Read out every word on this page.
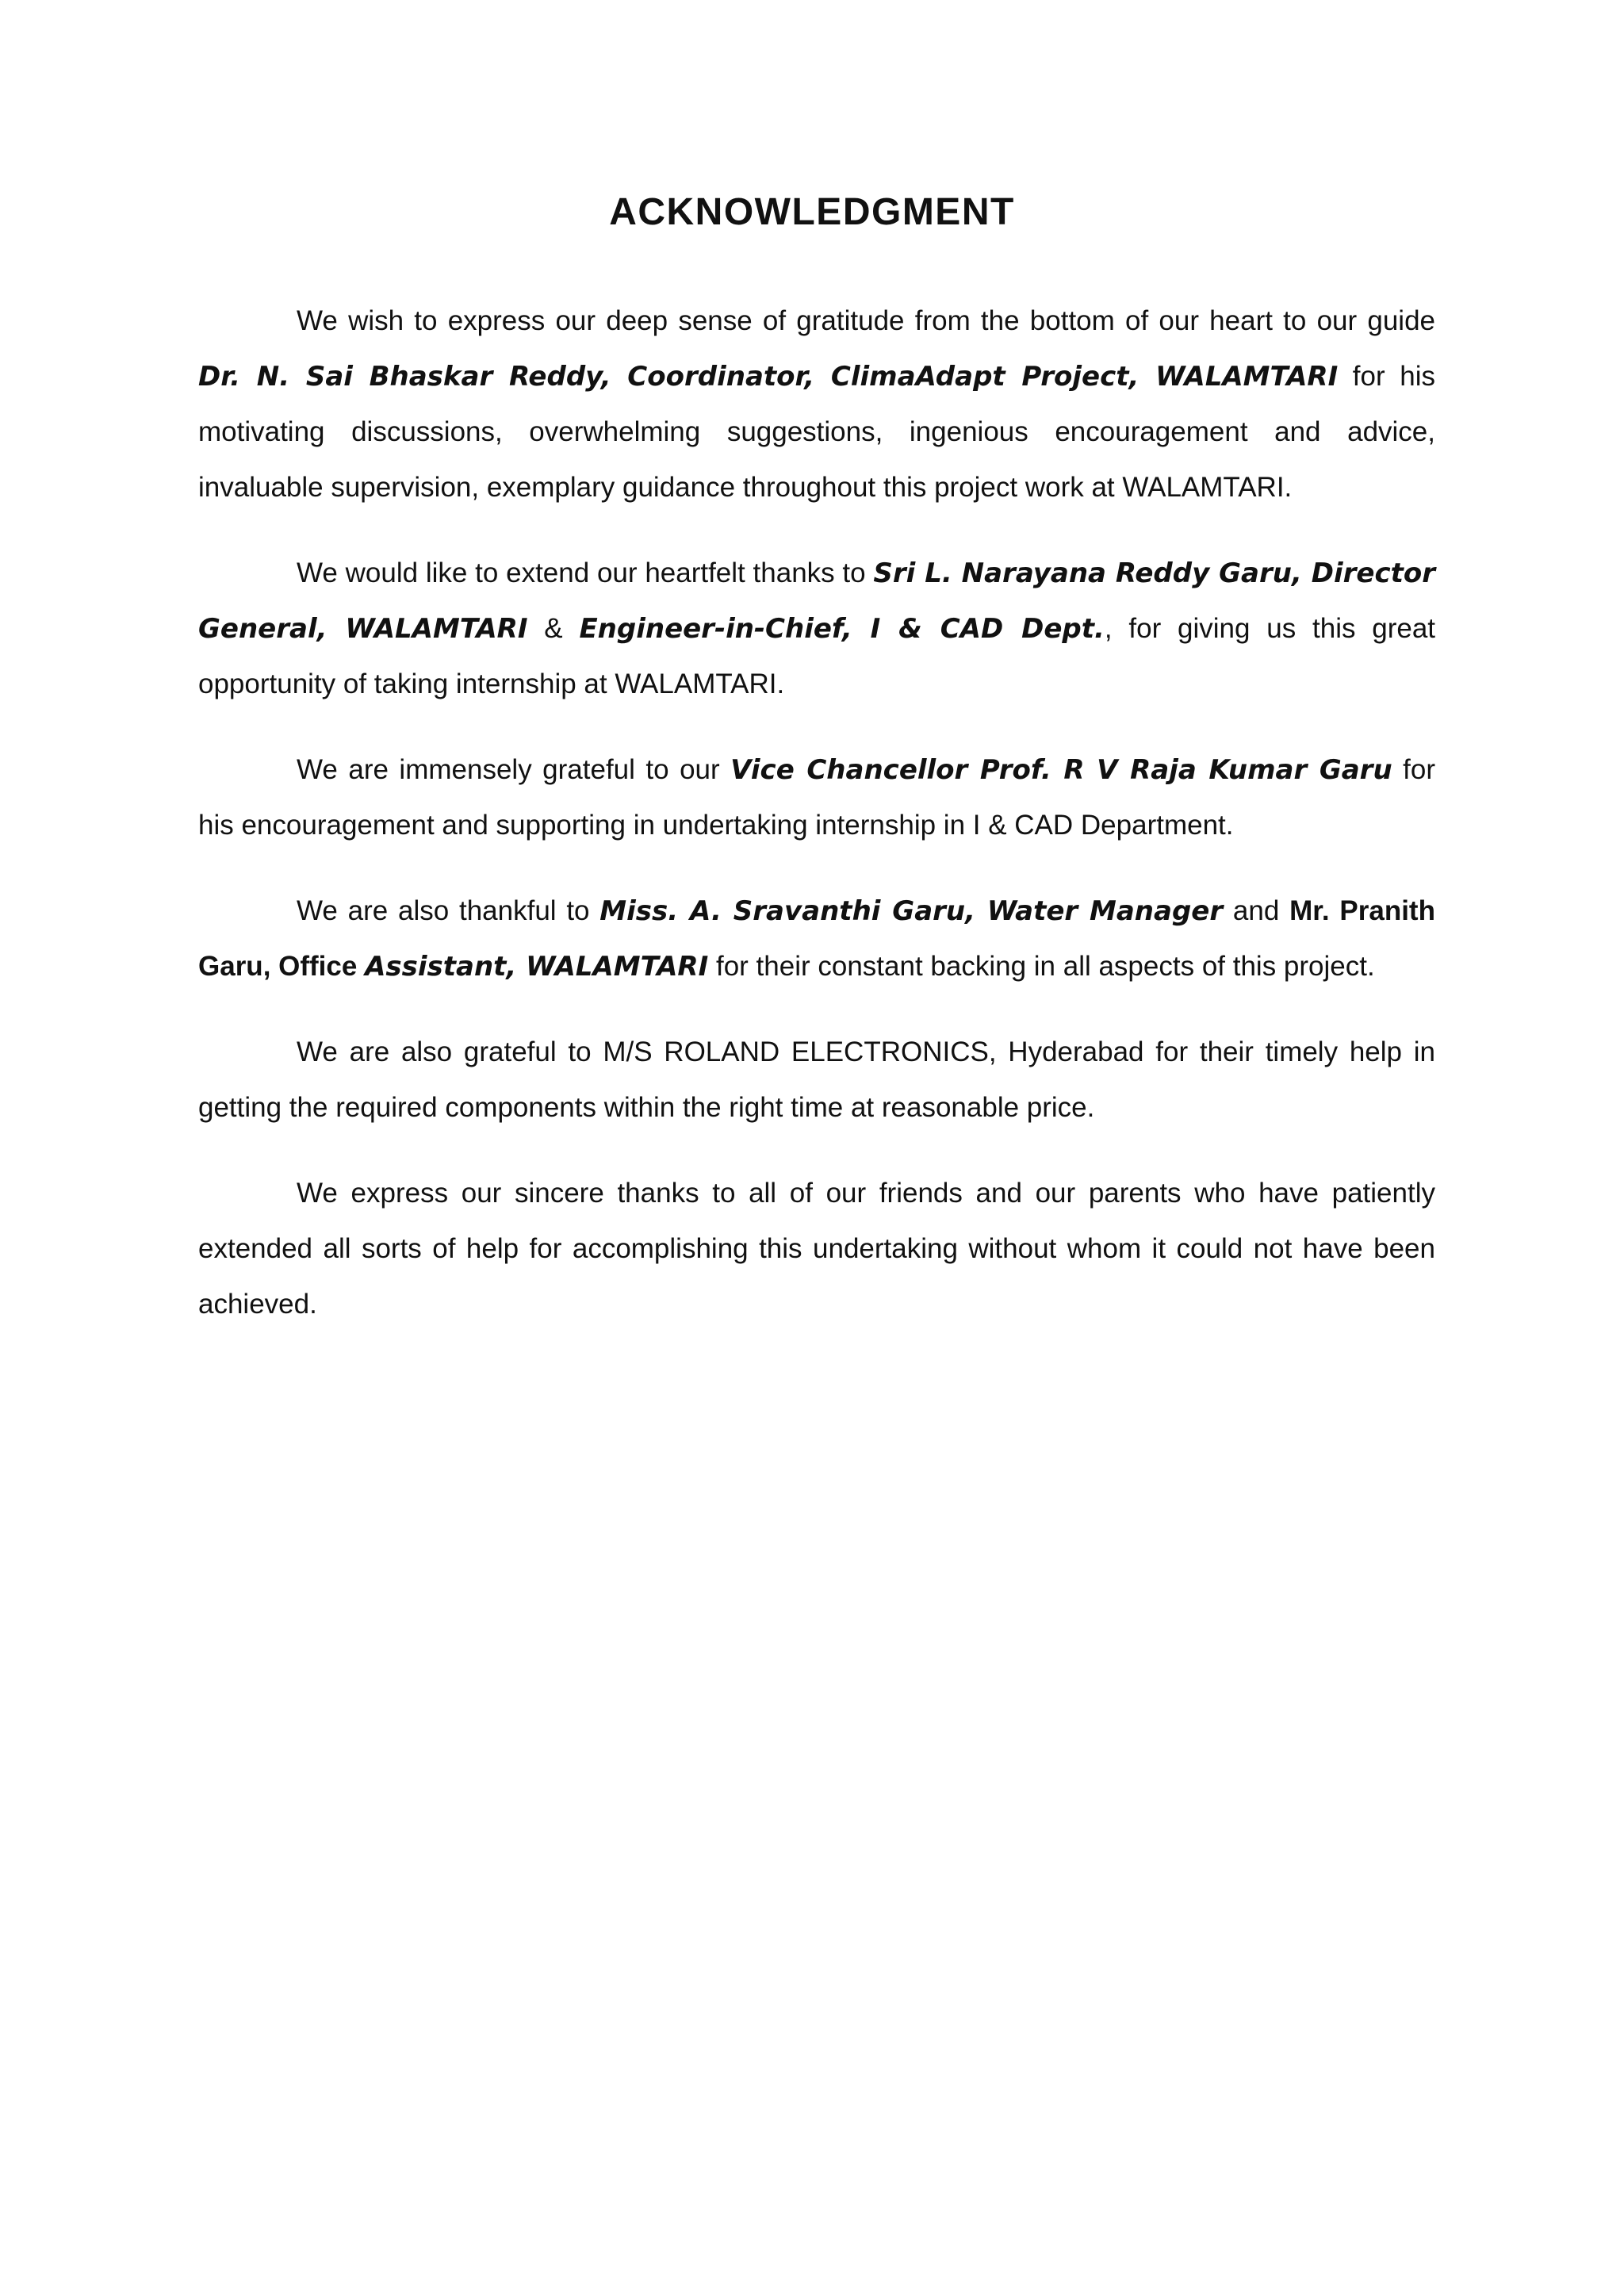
ACKNOWLEDGMENT

We wish to express our deep sense of gratitude from the bottom of our heart to our guide Dr. N. Sai Bhaskar Reddy, Coordinator, ClimaAdapt Project, WALAMTARI for his motivating discussions, overwhelming suggestions, ingenious encouragement and advice, invaluable supervision, exemplary guidance throughout this project work at WALAMTARI.

We would like to extend our heartfelt thanks to Sri L. Narayana Reddy Garu, Director General, WALAMTARI & Engineer-in-Chief, I & CAD Dept., for giving us this great opportunity of taking internship at WALAMTARI.

We are immensely grateful to our Vice Chancellor Prof. R V Raja Kumar Garu for his encouragement and supporting in undertaking internship in I & CAD Department.

We are also thankful to Miss. A. Sravanthi Garu, Water Manager and Mr. Pranith Garu, Office Assistant, WALAMTARI for their constant backing in all aspects of this project.

We are also grateful to M/S ROLAND ELECTRONICS, Hyderabad for their timely help in getting the required components within the right time at reasonable price.

We express our sincere thanks to all of our friends and our parents who have patiently extended all sorts of help for accomplishing this undertaking without whom it could not have been achieved.
